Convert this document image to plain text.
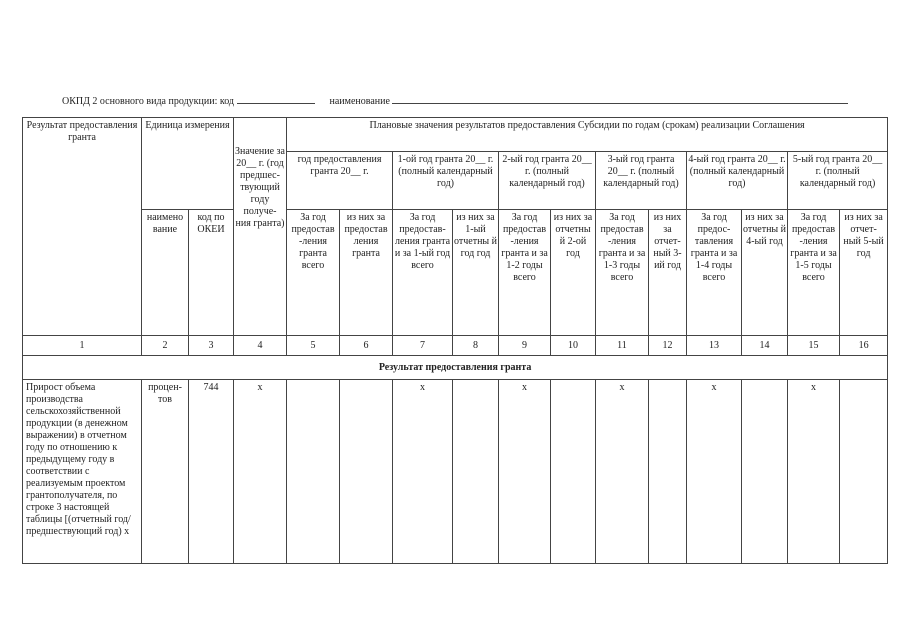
ОКПД 2 основного вида продукции: код	наименование
Результат предоставления гранта	Единица измерения		Значение за 20__ г. (год предшес- твующий году получе- ния гранта)	Плановые значения результатов предоставления Субсидии по годам (срокам) реализации Соглашения											
				год предоставления гранта 20__ г.		1-ой год гранта 20__ г. (полный календарный год)		2-ый год гранта 20__ г. (полный календарный год)		3-ый год гранта 20__ г. (полный календарный год)		4-ый год гранта 20__ г. (полный календарный год)		5-ый год гранта 20__ г. (полный календарный год)	
	наимено вание	код по ОКЕИ		За год предостав -ления гранта всего	из них за предостав ления гранта	За год предостав- ления гранта и за 1-ый год всего	из них за 1-ый отчетны й год год	За год предостав -ления гранта и за 1-2 годы всего	из них за отчетны й 2-ой год	За год предостав -ления гранта и за 1-3 годы всего	из них за отчет- ный 3-ий год	За год предос- тавления гранта и за 1-4 годы всего	из них за отчетны й 4-ый год	За год предостав -ления гранта и за 1-5 годы всего	из них за отчет- ный 5-ый год
1	2	3	4	5	6	7	8	9	10	11	12	13	14	15	16
Результат предоставления гранта															
Прирост объема производства сельскохозяйственной продукции (в денежном выражении) в отчетном году по отношению к предыдущему году в соответствии с реализуемым проектом грантополучателя, по строке 3 настоящей таблицы [(отчетный год/ предшествующий год) x	процен- тов	744	x			x		x		x		x		x	
